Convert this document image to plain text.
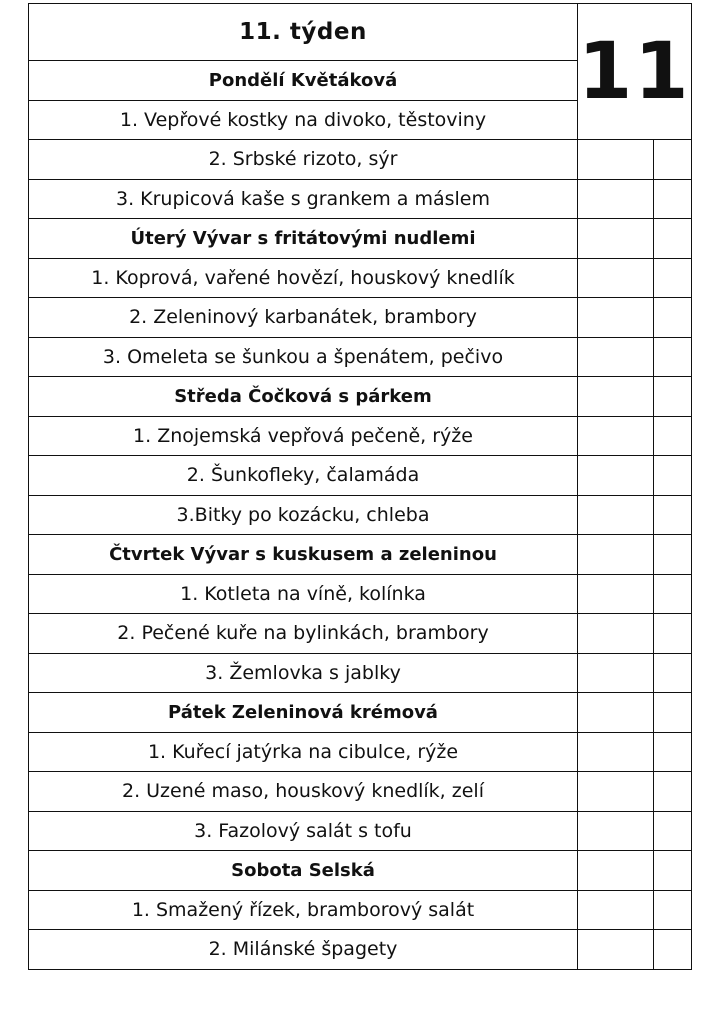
11. týden	11	
Pondělí Květáková		
1. Vepřové kostky na divoko, těstoviny		
2. Srbské rizoto, sýr		
3. Krupicová kaše s grankem a máslem		
Úterý Vývar s fritátovými nudlemi		
1. Koprová, vařené hovězí, houskový knedlík		
2. Zeleninový karbanátek, brambory		
3. Omeleta se šunkou a špenátem, pečivo		
Středa Čočková s párkem		
1. Znojemská vepřová pečeně, rýže		
2. Šunkofleky, čalamáda		
3.Bitky po kozácku, chleba		
Čtvrtek Vývar s kuskusem a zeleninou		
1. Kotleta na víně, kolínka		
2. Pečené kuře na bylinkách, brambory		
3. Žemlovka s jablky		
Pátek Zeleninová krémová		
1. Kuřecí jatýrka na cibulce, rýže		
2. Uzené maso, houskový knedlík, zelí		
3. Fazolový salát s tofu		
Sobota Selská		
1. Smažený řízek, bramborový salát		
2. Milánské špagety		
